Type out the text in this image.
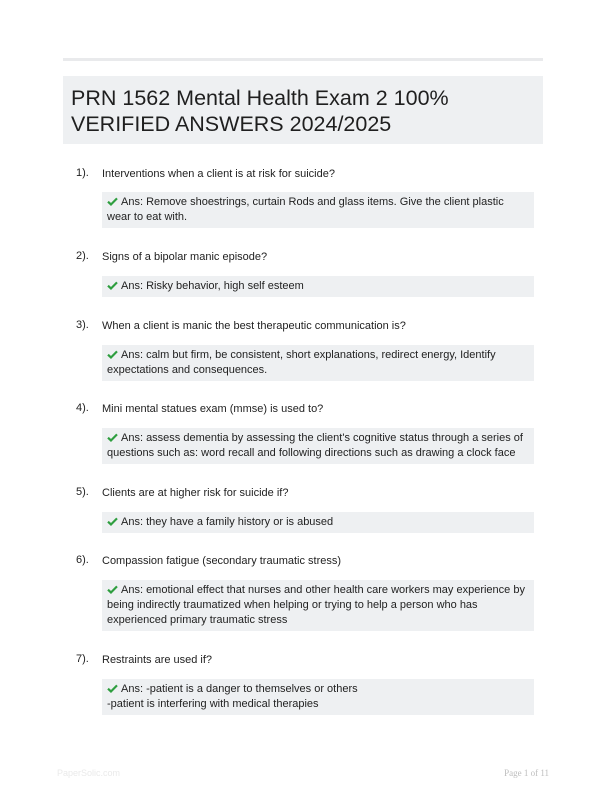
PRN 1562 Mental Health Exam 2 100% VERIFIED ANSWERS 2024/2025
1). Interventions when a client is at risk for suicide?
Ans: Remove shoestrings, curtain Rods and glass items. Give the client plastic wear to eat with.
2). Signs of a bipolar manic episode?
Ans: Risky behavior, high self esteem
3). When a client is manic the best therapeutic communication is?
Ans: calm but firm, be consistent, short explanations, redirect energy, Identify expectations and consequences.
4). Mini mental statues exam (mmse) is used to?
Ans: assess dementia by assessing the client's cognitive status through a series of questions such as: word recall and following directions such as drawing a clock face
5). Clients are at higher risk for suicide if?
Ans: they have a family history or is abused
6). Compassion fatigue (secondary traumatic stress)
Ans: emotional effect that nurses and other health care workers may experience by being indirectly traumatized when helping or trying to help a person who has experienced primary traumatic stress
7). Restraints are used if?
Ans: -patient is a danger to themselves or others
-patient is interfering with medical therapies
PaperSolic.com	Page 1 of 11
